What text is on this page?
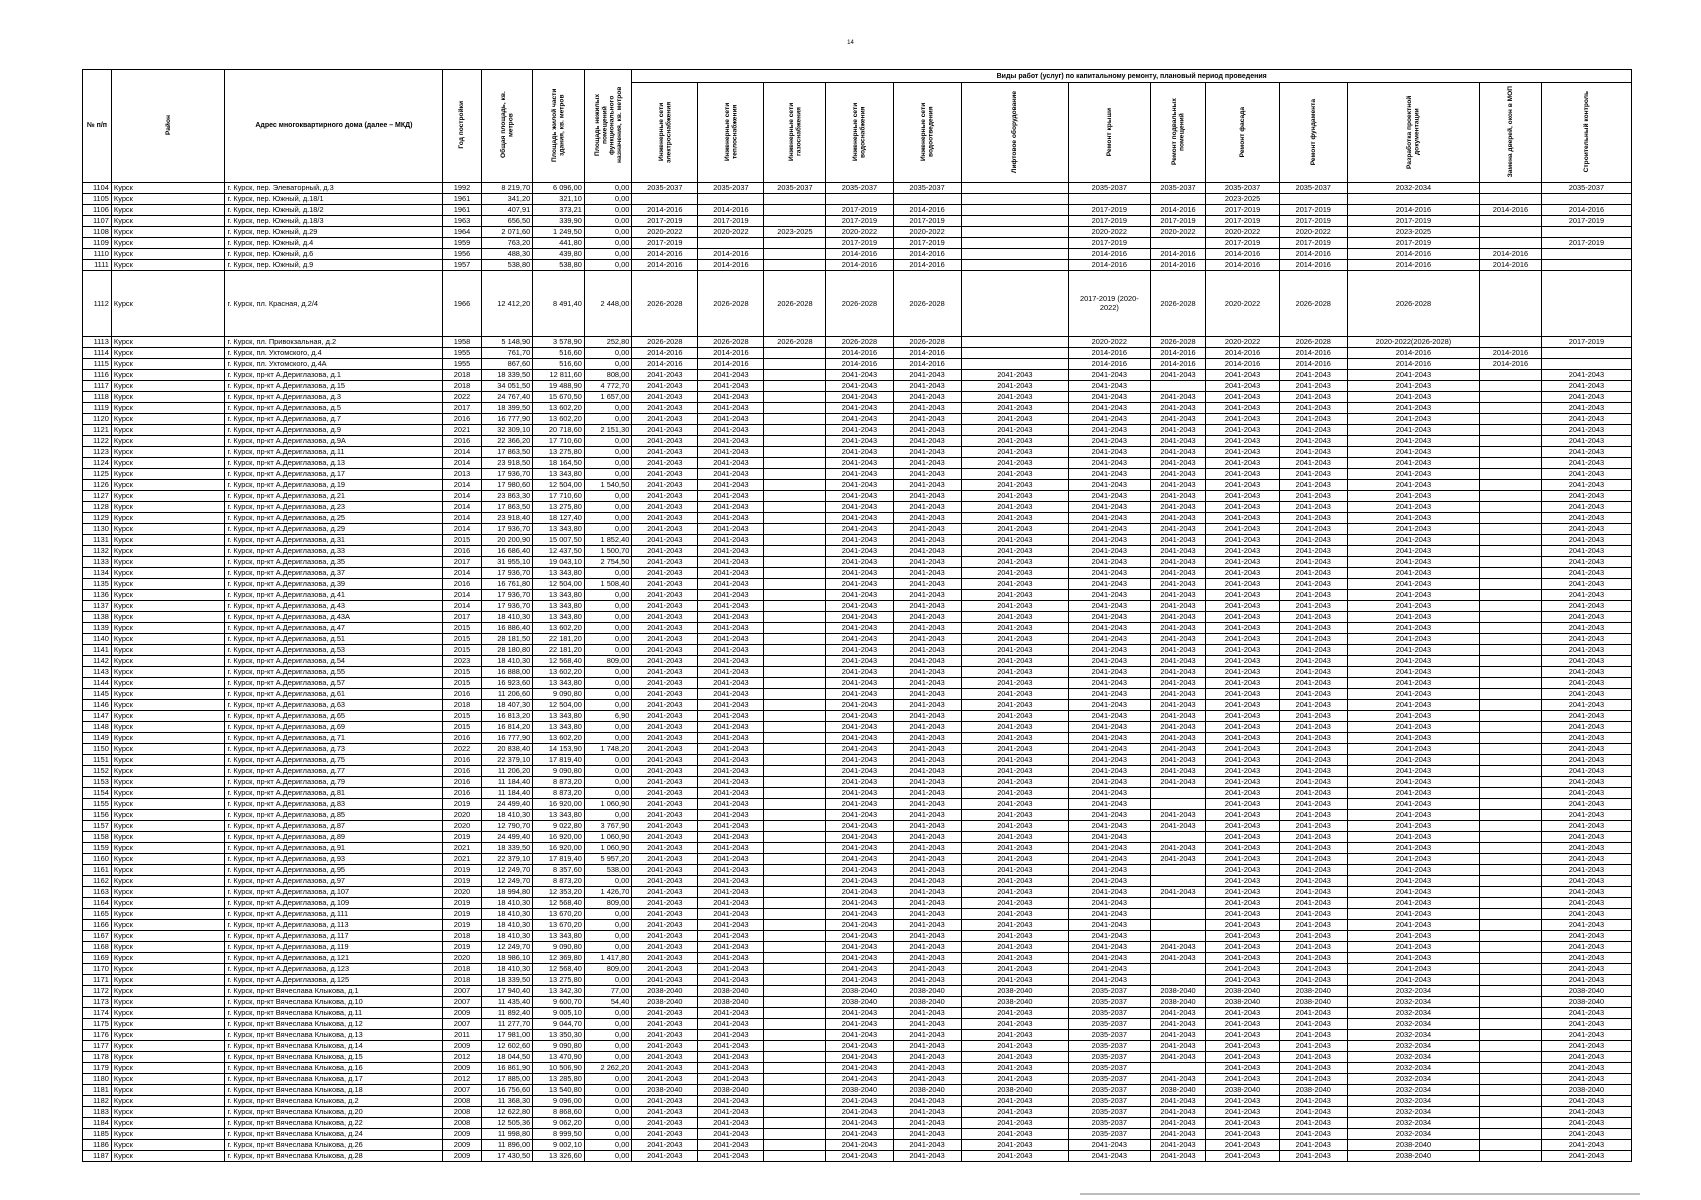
14
№ п/п	Район	Адрес многоквартирного дома (далее – МКД)	Год постройки	Общая площадь, кв. метров	Площадь жилой части здания, кв. метров	Площадь нежилых помещений функционального назначения, кв. метров	Виды работ (услуг) по капитальному ремонту, плановый период проведения												
							Инженерные сети электроснабжения	Инженерные сети теплоснабжения	Инженерные сети газоснабжения	Инженерные сети водоснабжения	Инженерные сети водоотведения	Лифтовое оборудование	Ремонт крыши	Ремонт подвальных помещений	Ремонт фасада	Ремонт фундамента	Разработка проектной документации	Замена дверей, окон в МОП	Строительный контроль
1104	Курск	г. Курск, пер. Элеваторный, д.3	1992	8 219,70	6 096,00	0,00	2035-2037	2035-2037	2035-2037	2035-2037	2035-2037		2035-2037	2035-2037	2035-2037	2035-2037	2032-2034		2035-2037
1105	Курск	г. Курск, пер. Южный, д.18/1	1961	341,20	321,10	0,00									2023-2025				
1106	Курск	г. Курск, пер. Южный, д.18/2	1961	407,91	373,21	0,00	2014-2016	2014-2016		2017-2019	2014-2016		2017-2019	2014-2016	2017-2019	2017-2019	2014-2016	2014-2016	2014-2016
1107	Курск	г. Курск, пер. Южный, д.18/3	1963	656,50	339,90	0,00	2017-2019	2017-2019		2017-2019	2017-2019		2017-2019	2017-2019	2017-2019	2017-2019	2017-2019		2017-2019
1108	Курск	г. Курск, пер. Южный, д.29	1964	2 071,60	1 249,50	0,00	2020-2022	2020-2022	2023-2025	2020-2022	2020-2022		2020-2022	2020-2022	2020-2022	2020-2022	2023-2025		
1109	Курск	г. Курск, пер. Южный, д.4	1959	763,20	441,80	0,00	2017-2019			2017-2019	2017-2019		2017-2019		2017-2019	2017-2019	2017-2019		2017-2019
1110	Курск	г. Курск, пер. Южный, д.6	1956	488,30	439,80	0,00	2014-2016	2014-2016		2014-2016	2014-2016		2014-2016	2014-2016	2014-2016	2014-2016	2014-2016	2014-2016	
1111	Курск	г. Курск, пер. Южный, д.9	1957	538,80	538,80	0,00	2014-2016	2014-2016		2014-2016	2014-2016		2014-2016	2014-2016	2014-2016	2014-2016	2014-2016	2014-2016	
1112	Курск	г. Курск, пл. Красная, д.2/4	1966	12 412,20	8 491,40	2 448,00	2026-2028	2026-2028	2026-2028	2026-2028	2026-2028		2017-2019 (2020-2022)	2026-2028	2020-2022	2026-2028	2026-2028		
1113	Курск	г. Курск, пл. Привокзальная, д.2	1958	5 148,90	3 578,90	252,80	2026-2028	2026-2028	2026-2028	2026-2028	2026-2028		2020-2022	2026-2028	2020-2022	2026-2028	2020-2022(2026-2028)		2017-2019
1114	Курск	г. Курск, пл. Ухтомского, д.4	1955	761,70	516,60	0,00	2014-2016	2014-2016		2014-2016	2014-2016		2014-2016	2014-2016	2014-2016	2014-2016	2014-2016	2014-2016	
1115	Курск	г. Курск, пл. Ухтомского, д.4А	1955	867,60	516,60	0,00	2014-2016	2014-2016		2014-2016	2014-2016		2014-2016	2014-2016	2014-2016	2014-2016	2014-2016	2014-2016	
1116	Курск	г. Курск, пр-кт А.Дериглазова, д.1	2018	18 339,50	12 811,60	808,00	2041-2043	2041-2043		2041-2043	2041-2043	2041-2043	2041-2043	2041-2043	2041-2043	2041-2043	2041-2043		2041-2043
1117	Курск	г. Курск, пр-кт А.Дериглазова, д.15	2018	34 051,50	19 488,90	4 772,70	2041-2043	2041-2043		2041-2043	2041-2043	2041-2043	2041-2043		2041-2043	2041-2043	2041-2043		2041-2043
1118	Курск	г. Курск, пр-кт А.Дериглазова, д.3	2022	24 767,40	15 670,50	1 657,00	2041-2043	2041-2043		2041-2043	2041-2043	2041-2043	2041-2043	2041-2043	2041-2043	2041-2043	2041-2043		2041-2043
1119	Курск	г. Курск, пр-кт А.Дериглазова, д.5	2017	18 399,50	13 602,20	0,00	2041-2043	2041-2043		2041-2043	2041-2043	2041-2043	2041-2043	2041-2043	2041-2043	2041-2043	2041-2043		2041-2043
1120	Курск	г. Курск, пр-кт А.Дериглазова, д.7	2016	16 777,90	13 602,20	0,00	2041-2043	2041-2043		2041-2043	2041-2043	2041-2043	2041-2043	2041-2043	2041-2043	2041-2043	2041-2043		2041-2043
1121	Курск	г. Курск, пр-кт А.Дериглазова, д.9	2021	32 309,10	20 718,60	2 151,30	2041-2043	2041-2043		2041-2043	2041-2043	2041-2043	2041-2043	2041-2043	2041-2043	2041-2043	2041-2043		2041-2043
1122	Курск	г. Курск, пр-кт А.Дериглазова, д.9А	2016	22 366,20	17 710,60	0,00	2041-2043	2041-2043		2041-2043	2041-2043	2041-2043	2041-2043	2041-2043	2041-2043	2041-2043	2041-2043		2041-2043
1123	Курск	г. Курск, пр-кт А.Дериглазова, д.11	2014	17 863,50	13 275,80	0,00	2041-2043	2041-2043		2041-2043	2041-2043	2041-2043	2041-2043	2041-2043	2041-2043	2041-2043	2041-2043		2041-2043
1124	Курск	г. Курск, пр-кт А.Дериглазова, д.13	2014	23 918,50	18 164,50	0,00	2041-2043	2041-2043		2041-2043	2041-2043	2041-2043	2041-2043	2041-2043	2041-2043	2041-2043	2041-2043		2041-2043
1125	Курск	г. Курск, пр-кт А.Дериглазова, д.17	2013	17 936,70	13 343,80	0,00	2041-2043	2041-2043		2041-2043	2041-2043	2041-2043	2041-2043	2041-2043	2041-2043	2041-2043	2041-2043		2041-2043
1126	Курск	г. Курск, пр-кт А.Дериглазова, д.19	2014	17 980,60	12 504,00	1 540,50	2041-2043	2041-2043		2041-2043	2041-2043	2041-2043	2041-2043	2041-2043	2041-2043	2041-2043	2041-2043		2041-2043
1127	Курск	г. Курск, пр-кт А.Дериглазова, д.21	2014	23 863,30	17 710,60	0,00	2041-2043	2041-2043		2041-2043	2041-2043	2041-2043	2041-2043	2041-2043	2041-2043	2041-2043	2041-2043		2041-2043
1128	Курск	г. Курск, пр-кт А.Дериглазова, д.23	2014	17 863,50	13 275,80	0,00	2041-2043	2041-2043		2041-2043	2041-2043	2041-2043	2041-2043	2041-2043	2041-2043	2041-2043	2041-2043		2041-2043
1129	Курск	г. Курск, пр-кт А.Дериглазова, д.25	2014	23 918,40	18 127,40	0,00	2041-2043	2041-2043		2041-2043	2041-2043	2041-2043	2041-2043	2041-2043	2041-2043	2041-2043	2041-2043		2041-2043
1130	Курск	г. Курск, пр-кт А.Дериглазова, д.29	2014	17 936,70	13 343,80	0,00	2041-2043	2041-2043		2041-2043	2041-2043	2041-2043	2041-2043	2041-2043	2041-2043	2041-2043	2041-2043		2041-2043
1131	Курск	г. Курск, пр-кт А.Дериглазова, д.31	2015	20 200,90	15 007,50	1 852,40	2041-2043	2041-2043		2041-2043	2041-2043	2041-2043	2041-2043	2041-2043	2041-2043	2041-2043	2041-2043		2041-2043
1132	Курск	г. Курск, пр-кт А.Дериглазова, д.33	2016	16 686,40	12 437,50	1 500,70	2041-2043	2041-2043		2041-2043	2041-2043	2041-2043	2041-2043	2041-2043	2041-2043	2041-2043	2041-2043		2041-2043
1133	Курск	г. Курск, пр-кт А.Дериглазова, д.35	2017	31 955,10	19 043,10	2 754,50	2041-2043	2041-2043		2041-2043	2041-2043	2041-2043	2041-2043	2041-2043	2041-2043	2041-2043	2041-2043		2041-2043
1134	Курск	г. Курск, пр-кт А.Дериглазова, д.37	2014	17 936,70	13 343,80	0,00	2041-2043	2041-2043		2041-2043	2041-2043	2041-2043	2041-2043	2041-2043	2041-2043	2041-2043	2041-2043		2041-2043
1135	Курск	г. Курск, пр-кт А.Дериглазова, д.39	2016	16 761,80	12 504,00	1 508,40	2041-2043	2041-2043		2041-2043	2041-2043	2041-2043	2041-2043	2041-2043	2041-2043	2041-2043	2041-2043		2041-2043
1136	Курск	г. Курск, пр-кт А.Дериглазова, д.41	2014	17 936,70	13 343,80	0,00	2041-2043	2041-2043		2041-2043	2041-2043	2041-2043	2041-2043	2041-2043	2041-2043	2041-2043	2041-2043		2041-2043
1137	Курск	г. Курск, пр-кт А.Дериглазова, д.43	2014	17 936,70	13 343,80	0,00	2041-2043	2041-2043		2041-2043	2041-2043	2041-2043	2041-2043	2041-2043	2041-2043	2041-2043	2041-2043		2041-2043
1138	Курск	г. Курск, пр-кт А.Дериглазова, д.43А	2017	18 410,30	13 343,80	0,00	2041-2043	2041-2043		2041-2043	2041-2043	2041-2043	2041-2043	2041-2043	2041-2043	2041-2043	2041-2043		2041-2043
1139	Курск	г. Курск, пр-кт А.Дериглазова, д.47	2015	16 886,40	13 602,20	0,00	2041-2043	2041-2043		2041-2043	2041-2043	2041-2043	2041-2043	2041-2043	2041-2043	2041-2043	2041-2043		2041-2043
1140	Курск	г. Курск, пр-кт А.Дериглазова, д.51	2015	28 181,50	22 181,20	0,00	2041-2043	2041-2043		2041-2043	2041-2043	2041-2043	2041-2043	2041-2043	2041-2043	2041-2043	2041-2043		2041-2043
1141	Курск	г. Курск, пр-кт А.Дериглазова, д.53	2015	28 180,80	22 181,20	0,00	2041-2043	2041-2043		2041-2043	2041-2043	2041-2043	2041-2043	2041-2043	2041-2043	2041-2043	2041-2043		2041-2043
1142	Курск	г. Курск, пр-кт А.Дериглазова, д.54	2023	18 410,30	12 568,40	809,00	2041-2043	2041-2043		2041-2043	2041-2043	2041-2043	2041-2043	2041-2043	2041-2043	2041-2043	2041-2043		2041-2043
1143	Курск	г. Курск, пр-кт А.Дериглазова, д.55	2015	16 888,00	13 602,20	0,00	2041-2043	2041-2043		2041-2043	2041-2043	2041-2043	2041-2043	2041-2043	2041-2043	2041-2043	2041-2043		2041-2043
1144	Курск	г. Курск, пр-кт А.Дериглазова, д.57	2015	16 923,60	13 343,80	0,00	2041-2043	2041-2043		2041-2043	2041-2043	2041-2043	2041-2043	2041-2043	2041-2043	2041-2043	2041-2043		2041-2043
1145	Курск	г. Курск, пр-кт А.Дериглазова, д.61	2016	11 206,60	9 090,80	0,00	2041-2043	2041-2043		2041-2043	2041-2043	2041-2043	2041-2043	2041-2043	2041-2043	2041-2043	2041-2043		2041-2043
1146	Курск	г. Курск, пр-кт А.Дериглазова, д.63	2018	18 407,30	12 504,00	0,00	2041-2043	2041-2043		2041-2043	2041-2043	2041-2043	2041-2043	2041-2043	2041-2043	2041-2043	2041-2043		2041-2043
1147	Курск	г. Курск, пр-кт А.Дериглазова, д.65	2015	16 813,20	13 343,80	6,90	2041-2043	2041-2043		2041-2043	2041-2043	2041-2043	2041-2043	2041-2043	2041-2043	2041-2043	2041-2043		2041-2043
1148	Курск	г. Курск, пр-кт А.Дериглазова, д.69	2015	16 814,20	13 343,80	0,00	2041-2043	2041-2043		2041-2043	2041-2043	2041-2043	2041-2043	2041-2043	2041-2043	2041-2043	2041-2043		2041-2043
1149	Курск	г. Курск, пр-кт А.Дериглазова, д.71	2016	16 777,90	13 602,20	0,00	2041-2043	2041-2043		2041-2043	2041-2043	2041-2043	2041-2043	2041-2043	2041-2043	2041-2043	2041-2043		2041-2043
1150	Курск	г. Курск, пр-кт А.Дериглазова, д.73	2022	20 838,40	14 153,90	1 748,20	2041-2043	2041-2043		2041-2043	2041-2043	2041-2043	2041-2043	2041-2043	2041-2043	2041-2043	2041-2043		2041-2043
1151	Курск	г. Курск, пр-кт А.Дериглазова, д.75	2016	22 379,10	17 819,40	0,00	2041-2043	2041-2043		2041-2043	2041-2043	2041-2043	2041-2043	2041-2043	2041-2043	2041-2043	2041-2043		2041-2043
1152	Курск	г. Курск, пр-кт А.Дериглазова, д.77	2016	11 206,20	9 090,80	0,00	2041-2043	2041-2043		2041-2043	2041-2043	2041-2043	2041-2043	2041-2043	2041-2043	2041-2043	2041-2043		2041-2043
1153	Курск	г. Курск, пр-кт А.Дериглазова, д.79	2016	11 184,40	8 873,20	0,00	2041-2043	2041-2043		2041-2043	2041-2043	2041-2043	2041-2043	2041-2043	2041-2043	2041-2043	2041-2043		2041-2043
1154	Курск	г. Курск, пр-кт А.Дериглазова, д.81	2016	11 184,40	8 873,20	0,00	2041-2043	2041-2043		2041-2043	2041-2043	2041-2043	2041-2043		2041-2043	2041-2043	2041-2043		2041-2043
1155	Курск	г. Курск, пр-кт А.Дериглазова, д.83	2019	24 499,40	16 920,00	1 060,90	2041-2043	2041-2043		2041-2043	2041-2043	2041-2043	2041-2043		2041-2043	2041-2043	2041-2043		2041-2043
1156	Курск	г. Курск, пр-кт А.Дериглазова, д.85	2020	18 410,30	13 343,80	0,00	2041-2043	2041-2043		2041-2043	2041-2043	2041-2043	2041-2043	2041-2043	2041-2043	2041-2043	2041-2043		2041-2043
1157	Курск	г. Курск, пр-кт А.Дериглазова, д.87	2020	12 790,70	9 022,80	3 767,90	2041-2043	2041-2043		2041-2043	2041-2043	2041-2043	2041-2043	2041-2043	2041-2043	2041-2043	2041-2043		2041-2043
1158	Курск	г. Курск, пр-кт А.Дериглазова, д.89	2019	24 499,40	16 920,00	1 060,90	2041-2043	2041-2043		2041-2043	2041-2043	2041-2043	2041-2043		2041-2043	2041-2043	2041-2043		2041-2043
1159	Курск	г. Курск, пр-кт А.Дериглазова, д.91	2021	18 339,50	16 920,00	1 060,90	2041-2043	2041-2043		2041-2043	2041-2043	2041-2043	2041-2043	2041-2043	2041-2043	2041-2043	2041-2043		2041-2043
1160	Курск	г. Курск, пр-кт А.Дериглазова, д.93	2021	22 379,10	17 819,40	5 957,20	2041-2043	2041-2043		2041-2043	2041-2043	2041-2043	2041-2043	2041-2043	2041-2043	2041-2043	2041-2043		2041-2043
1161	Курск	г. Курск, пр-кт А.Дериглазова, д.95	2019	12 249,70	8 357,60	538,00	2041-2043	2041-2043		2041-2043	2041-2043	2041-2043	2041-2043		2041-2043	2041-2043	2041-2043		2041-2043
1162	Курск	г. Курск, пр-кт А.Дериглазова, д.97	2019	12 249,70	8 873,20	0,00	2041-2043	2041-2043		2041-2043	2041-2043	2041-2043	2041-2043		2041-2043	2041-2043	2041-2043		2041-2043
1163	Курск	г. Курск, пр-кт А.Дериглазова, д.107	2020	18 994,80	12 353,20	1 426,70	2041-2043	2041-2043		2041-2043	2041-2043	2041-2043	2041-2043	2041-2043	2041-2043	2041-2043	2041-2043		2041-2043
1164	Курск	г. Курск, пр-кт А.Дериглазова, д.109	2019	18 410,30	12 568,40	809,00	2041-2043	2041-2043		2041-2043	2041-2043	2041-2043	2041-2043		2041-2043	2041-2043	2041-2043		2041-2043
1165	Курск	г. Курск, пр-кт А.Дериглазова, д.111	2019	18 410,30	13 670,20	0,00	2041-2043	2041-2043		2041-2043	2041-2043	2041-2043	2041-2043		2041-2043	2041-2043	2041-2043		2041-2043
1166	Курск	г. Курск, пр-кт А.Дериглазова, д.113	2019	18 410,30	13 670,20	0,00	2041-2043	2041-2043		2041-2043	2041-2043	2041-2043	2041-2043		2041-2043	2041-2043	2041-2043		2041-2043
1167	Курск	г. Курск, пр-кт А.Дериглазова, д.117	2018	18 410,30	13 343,80	0,00	2041-2043	2041-2043		2041-2043	2041-2043	2041-2043	2041-2043		2041-2043	2041-2043	2041-2043		2041-2043
1168	Курск	г. Курск, пр-кт А.Дериглазова, д.119	2019	12 249,70	9 090,80	0,00	2041-2043	2041-2043		2041-2043	2041-2043	2041-2043	2041-2043	2041-2043	2041-2043	2041-2043	2041-2043		2041-2043
1169	Курск	г. Курск, пр-кт А.Дериглазова, д.121	2020	18 986,10	12 369,80	1 417,80	2041-2043	2041-2043		2041-2043	2041-2043	2041-2043	2041-2043	2041-2043	2041-2043	2041-2043	2041-2043		2041-2043
1170	Курск	г. Курск, пр-кт А.Дериглазова, д.123	2018	18 410,30	12 568,40	809,00	2041-2043	2041-2043		2041-2043	2041-2043	2041-2043	2041-2043		2041-2043	2041-2043	2041-2043		2041-2043
1171	Курск	г. Курск, пр-кт А.Дериглазова, д.125	2018	18 339,50	13 275,80	0,00	2041-2043	2041-2043		2041-2043	2041-2043	2041-2043	2041-2043		2041-2043	2041-2043	2041-2043		2041-2043
1172	Курск	г. Курск, пр-кт Вячеслава Клыкова, д.1	2007	17 940,40	13 342,30	77,00	2038-2040	2038-2040		2038-2040	2038-2040	2038-2040	2035-2037	2038-2040	2038-2040	2038-2040	2032-2034		2038-2040
1173	Курск	г. Курск, пр-кт Вячеслава Клыкова, д.10	2007	11 435,40	9 600,70	54,40	2038-2040	2038-2040		2038-2040	2038-2040	2038-2040	2035-2037	2038-2040	2038-2040	2038-2040	2032-2034		2038-2040
1174	Курск	г. Курск, пр-кт Вячеслава Клыкова, д.11	2009	11 892,40	9 005,10	0,00	2041-2043	2041-2043		2041-2043	2041-2043	2041-2043	2035-2037	2041-2043	2041-2043	2041-2043	2032-2034		2041-2043
1175	Курск	г. Курск, пр-кт Вячеслава Клыкова, д.12	2007	11 277,70	9 044,70	0,00	2041-2043	2041-2043		2041-2043	2041-2043	2041-2043	2035-2037	2041-2043	2041-2043	2041-2043	2032-2034		2041-2043
1176	Курск	г. Курск, пр-кт Вячеслава Клыкова, д.13	2011	17 981,00	13 350,30	0,00	2041-2043	2041-2043		2041-2043	2041-2043	2041-2043	2035-2037	2041-2043	2041-2043	2041-2043	2032-2034		2041-2043
1177	Курск	г. Курск, пр-кт Вячеслава Клыкова, д.14	2009	12 602,60	9 090,80	0,00	2041-2043	2041-2043		2041-2043	2041-2043	2041-2043	2035-2037	2041-2043	2041-2043	2041-2043	2032-2034		2041-2043
1178	Курск	г. Курск, пр-кт Вячеслава Клыкова, д.15	2012	18 044,50	13 470,90	0,00	2041-2043	2041-2043		2041-2043	2041-2043	2041-2043	2035-2037	2041-2043	2041-2043	2041-2043	2032-2034		2041-2043
1179	Курск	г. Курск, пр-кт Вячеслава Клыкова, д.16	2009	16 861,90	10 506,90	2 262,20	2041-2043	2041-2043		2041-2043	2041-2043	2041-2043	2035-2037		2041-2043	2041-2043	2032-2034		2041-2043
1180	Курск	г. Курск, пр-кт Вячеслава Клыкова, д.17	2012	17 885,00	13 285,80	0,00	2041-2043	2041-2043		2041-2043	2041-2043	2041-2043	2035-2037	2041-2043	2041-2043	2041-2043	2032-2034		2041-2043
1181	Курск	г. Курск, пр-кт Вячеслава Клыкова, д.18	2007	16 756,60	13 540,80	0,00	2038-2040	2038-2040		2038-2040	2038-2040	2038-2040	2035-2037	2038-2040	2038-2040	2038-2040	2032-2034		2038-2040
1182	Курск	г. Курск, пр-кт Вячеслава Клыкова, д.2	2008	11 368,30	9 096,00	0,00	2041-2043	2041-2043		2041-2043	2041-2043	2041-2043	2035-2037	2041-2043	2041-2043	2041-2043	2032-2034		2041-2043
1183	Курск	г. Курск, пр-кт Вячеслава Клыкова, д.20	2008	12 622,80	8 868,60	0,00	2041-2043	2041-2043		2041-2043	2041-2043	2041-2043	2035-2037	2041-2043	2041-2043	2041-2043	2032-2034		2041-2043
1184	Курск	г. Курск, пр-кт Вячеслава Клыкова, д.22	2008	12 505,36	9 062,20	0,00	2041-2043	2041-2043		2041-2043	2041-2043	2041-2043	2035-2037	2041-2043	2041-2043	2041-2043	2032-2034		2041-2043
1185	Курск	г. Курск, пр-кт Вячеслава Клыкова, д.24	2009	11 998,80	8 999,50	0,00	2041-2043	2041-2043		2041-2043	2041-2043	2041-2043	2035-2037	2041-2043	2041-2043	2041-2043	2032-2034		2041-2043
1186	Курск	г. Курск, пр-кт Вячеслава Клыкова, д.26	2009	11 896,00	9 002,10	0,00	2041-2043	2041-2043		2041-2043	2041-2043	2041-2043	2041-2043	2041-2043	2041-2043	2041-2043	2038-2040		2041-2043
1187	Курск	г. Курск, пр-кт Вячеслава Клыкова, д.28	2009	17 430,50	13 326,60	0,00	2041-2043	2041-2043		2041-2043	2041-2043	2041-2043	2041-2043	2041-2043	2041-2043	2041-2043	2038-2040		2041-2043
